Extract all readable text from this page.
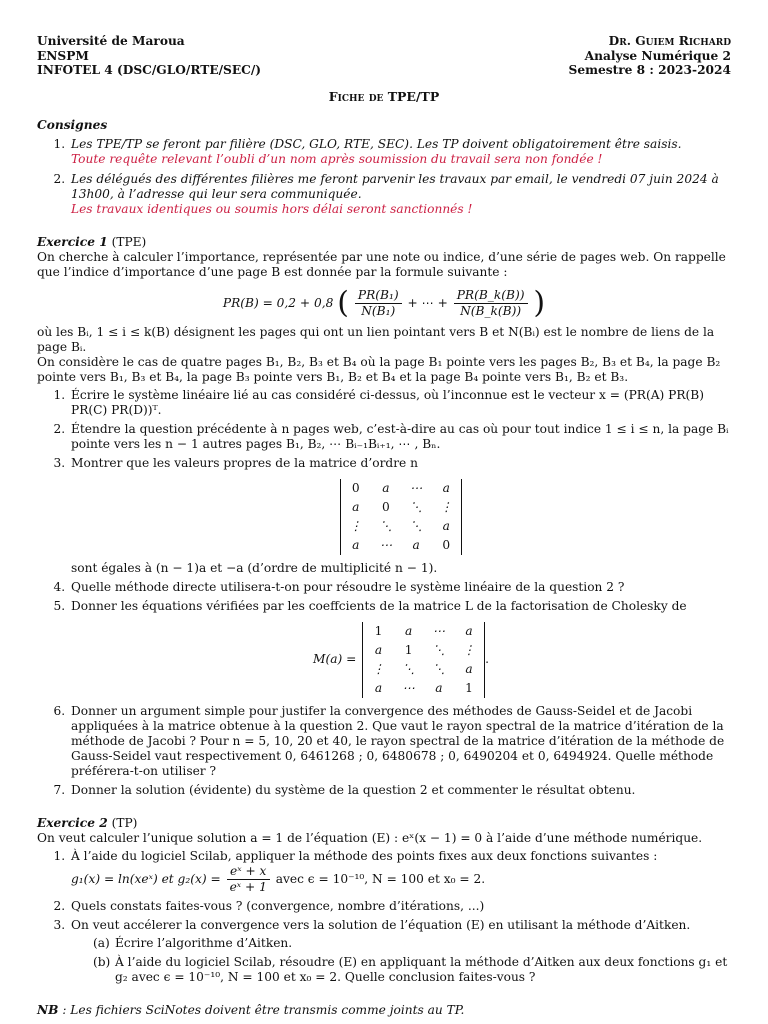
Université de Maroua
ENSPM
INFOTEL 4 (DSC/GLO/RTE/SEC/)
Dr. Guiem Richard
Analyse Numérique 2
Semestre 8 : 2023-2024
Fiche de TPE/TP
Consignes
1. Les TPE/TP se feront par filière (DSC, GLO, RTE, SEC). Les TP doivent obligatoirement être saisis.
Toute requête relevant l’oubli d’un nom après soumission du travail sera non fondée !
2. Les délégués des différentes filières me feront parvenir les travaux par email, le vendredi 07 juin 2024 à 13h00, à l’adresse qui leur sera communiquée.
Les travaux identiques ou soumis hors délai seront sanctionnés !
Exercice 1 (TPE)
On cherche à calculer l’importance, représentée par une note ou indice, d’une série de pages web. On rappelle que l’indice d’importance d’une page B est donnée par la formule suivante :
PR(B) = 0,2 + 0,8 ( $\frac{\text{PR(B₁)}}{\text{N(B₁)}}$ + ⋯ + $\frac{PR(B\_k(B))}{N(B\_k(B))}$ )
où les Bᵢ, 1 ≤ i ≤ k(B) désignent les pages qui ont un lien pointant vers B et N(Bᵢ) est le nombre de liens de la page Bᵢ.
On considère le cas de quatre pages B₁, B₂, B₃ et B₄ où la page B₁ pointe vers les pages B₂, B₃ et B₄, la page B₂ pointe vers B₁, B₃ et B₄, la page B₃ pointe vers B₁, B₂ et B₄ et la page B₄ pointe vers B₁, B₂ et B₃.
1. Écrire le système linéaire lié au cas considéré ci-dessus, où l’inconnue est le vecteur x = (PR(A) PR(B) PR(C) PR(D))ᵀ.
2. Étendre la question précédente à n pages web, c’est-à-dire au cas où pour tout indice 1 ≤ i ≤ n, la page Bᵢ pointe vers les n − 1 autres pages B₁, B₂, ⋯ Bᵢ₋₁Bᵢ₊₁, ⋯ , Bₙ.
3. Montrer que les valeurs propres de la matrice d’ordre n
0	a	⋯	a
a	0	⋱	⋮
⋮	⋱	⋱	a
a	⋯	a	0
sont égales à (n − 1)a et −a (d’ordre de multiplicité n − 1).
4. Quelle méthode directe utilisera-t-on pour résoudre le système linéaire de la question 2 ?
5. Donner les équations vérifiées par les coeffcients de la matrice L de la factorisation de Cholesky de
M(a) =
1	a	⋯	a
a	1	⋱	⋮
⋮	⋱	⋱	a
a	⋯	a	1
.
6. Donner un argument simple pour justifer la convergence des méthodes de Gauss-Seidel et de Jacobi appliquées à la matrice obtenue à la question 2. Que vaut le rayon spectral de la matrice d’itération de la méthode de Jacobi ? Pour n = 5, 10, 20 et 40, le rayon spectral de la matrice d’itération de la méthode de Gauss-Seidel vaut respectivement 0, 6461268 ; 0, 6480678 ; 0, 6490204 et 0, 6494924. Quelle méthode préférera-t-on utiliser ?
7. Donner la solution (évidente) du système de la question 2 et commenter le résultat obtenu.
Exercice 2 (TP)
On veut calculer l’unique solution a = 1 de l’équation (E) : eˣ(x − 1) = 0 à l’aide d’une méthode numérique.
1. À l’aide du logiciel Scilab, appliquer la méthode des points fixes aux deux fonctions suivantes :
g₁(x) = ln(xeˣ) et $g_2(x) = \frac{\text{eˣ + x}}{\text{eˣ + 1}}$ avec ϵ = 10⁻¹⁰, N = 100 et x₀ = 2.
2. Quels constats faites-vous ? (convergence, nombre d’itérations, ...)
3. On veut accélerer la convergence vers la solution de l’équation (E) en utilisant la méthode d’Aitken.
(a) Écrire l’algorithme d’Aitken.
(b) À l’aide du logiciel Scilab, résoudre (E) en appliquant la méthode d’Aitken aux deux fonctions g₁ et g₂ avec ϵ = 10⁻¹⁰, N = 100 et x₀ = 2. Quelle conclusion faites-vous ?
NB : Les fichiers SciNotes doivent être transmis comme joints au TP.
